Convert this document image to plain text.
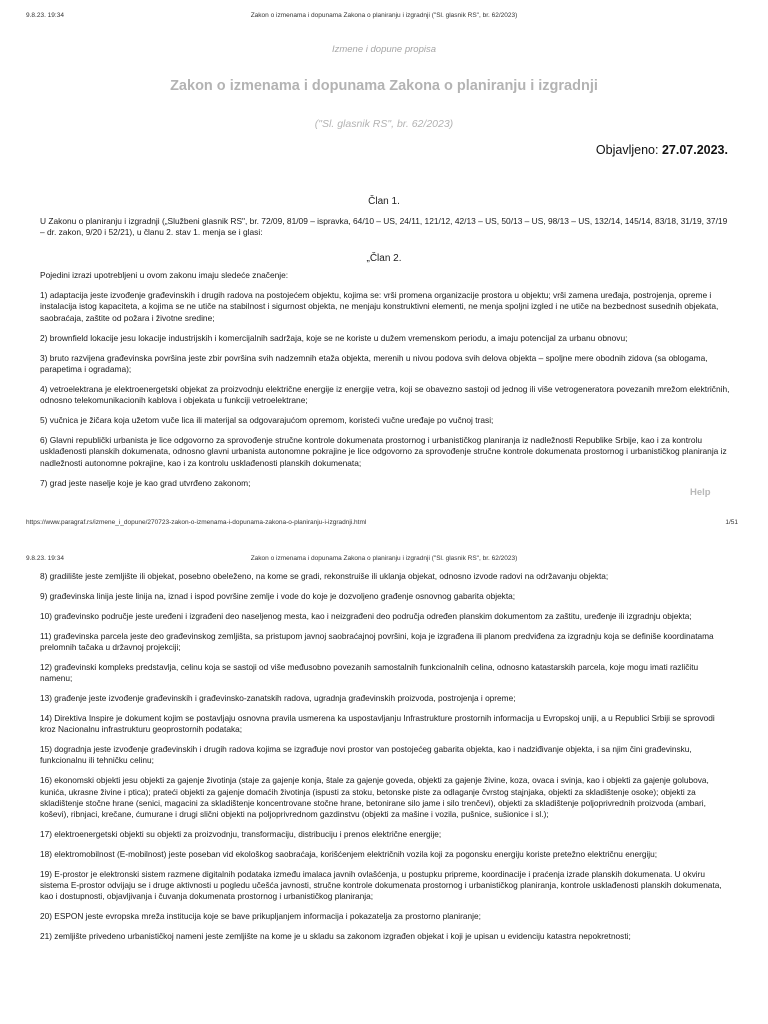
9.8.23. 19:34	Zakon o izmenama i dopunama Zakona o planiranju i izgradnji ("Sl. glasnik RS", br. 62/2023)
Izmene i dopune propisa
Zakon o izmenama i dopunama Zakona o planiranju i izgradnji
("Sl. glasnik RS", br. 62/2023)
Objavljeno: 27.07.2023.
Član 1.
U Zakonu o planiranju i izgradnji („Službeni glasnik RS", br. 72/09, 81/09 – ispravka, 64/10 – US, 24/11, 121/12, 42/13 – US, 50/13 – US, 98/13 – US, 132/14, 145/14, 83/18, 31/19, 37/19 – dr. zakon, 9/20 i 52/21), u članu 2. stav 1. menja se i glasi:
„Član 2.

Pojedini izrazi upotrebljeni u ovom zakonu imaju sledeće značenje:

1) adaptacija jeste izvođenje građevinskih i drugih radova na postojećem objektu, kojima se: vrši promena organizacije prostora u objektu; vrši zamena uređaja, postrojenja, opreme i instalacija istog kapaciteta, a kojima se ne utiče na stabilnost i sigurnost objekta, ne menjaju konstruktivni elementi, ne menja spoljni izgled i ne utiče na bezbednost susednih objekata, saobraćaja, zaštite od požara i životne sredine;

2) brownfield lokacije jesu lokacije industrijskih i komercijalnih sadržaja, koje se ne koriste u dužem vremenskom periodu, a imaju potencijal za urbanu obnovu;

3) bruto razvijena građevinska površina jeste zbir površina svih nadzemnih etaža objekta, merenih u nivou podova svih delova objekta – spoljne mere obodnih zidova (sa oblogama, parapetima i ogradama);

4) vetroelektrana je elektroenergetski objekat za proizvodnju električne energije iz energije vetra, koji se obavezno sastoji od jednog ili više vetrogeneratora povezanih mrežom električnih, odnosno telekomunikacionih kablova i objekata u funkciji vetroelektrane;

5) vučnica je žičara koja užetom vuče lica ili materijal sa odgovarajućom opremom, koristeći vučne uređaje po vučnoj trasi;

6) Glavni republički urbanista je lice odgovorno za sprovođenje stručne kontrole dokumenata prostornog i urbanističkog planiranja iz nadležnosti Republike Srbije, kao i za kontrolu usklađenosti planskih dokumenata, odnosno glavni urbanista autonomne pokrajine je lice odgovorno za sprovođenje stručne kontrole dokumenata prostornog i urbanističkog planiranja iz nadležnosti autonomne pokrajine, kao i za kontrolu usklađenosti planskih dokumenata;

7) grad jeste naselje koje je kao grad utvrđeno zakonom;

Help
https://www.paragraf.rs/izmene_i_dopune/270723-zakon-o-izmenama-i-dopunama-zakona-o-planiranju-i-izgradnji.html	1/51
9.8.23. 19:34	Zakon o izmenama i dopunama Zakona o planiranju i izgradnji ("Sl. glasnik RS", br. 62/2023)

8) gradilište jeste zemljište ili objekat, posebno obeleženo, na kome se gradi, rekonstruiše ili uklanja objekat, odnosno izvode radovi na održavanju objekta;

9) građevinska linija jeste linija na, iznad i ispod površine zemlje i vode do koje je dozvoljeno građenje osnovnog gabarita objekta;

10) građevinsko područje jeste uređeni i izgrađeni deo naseljenog mesta, kao i neizgrađeni deo područja određen planskim dokumentom za zaštitu, uređenje ili izgradnju objekta;

11) građevinska parcela jeste deo građevinskog zemljišta, sa pristupom javnoj saobraćajnoj površini, koja je izgrađena ili planom predviđena za izgradnju koja se definiše koordinatama prelomnih tačaka u državnoj projekciji;

12) građevinski kompleks predstavlja, celinu koja se sastoji od više međusobno povezanih samostalnih funkcionalnih celina, odnosno katastarskih parcela, koje mogu imati različitu namenu;

13) građenje jeste izvođenje građevinskih i građevinsko-zanatskih radova, ugradnja građevinskih proizvoda, postrojenja i opreme;

14) Direktiva Inspire je dokument kojim se postavljaju osnovna pravila usmerena ka uspostavljanju Infrastrukture prostornih informacija u Evropskoj uniji, a u Republici Srbiji se sprovodi kroz Nacionalnu infrastrukturu geoprostornih podataka;

15) dogradnja jeste izvođenje građevinskih i drugih radova kojima se izgrađuje novi prostor van postojećeg gabarita objekta, kao i nadziđivanje objekta, i sa njim čini građevinsku, funkcionalnu ili tehničku celinu;

16) ekonomski objekti jesu objekti za gajenje životinja (staje za gajenje konja, štale za gajenje goveda, objekti za gajenje živine, koza, ovaca i svinja, kao i objekti za gajenje golubova, kunića, ukrasne živine i ptica); prateći objekti za gajenje domaćih životinja (ispusti za stoku, betonske piste za odlaganje čvrstog stajnjaka, objekti za skladištenje osoke); objekti za skladištenje stočne hrane (senici, magacini za skladištenje koncentrovane stočne hrane, betonirane silo jame i silo trenčevi), objekti za skladištenje poljoprivrednih proizvoda (ambari, koševi), ribnjaci, krečane, ćumurane i drugi slični objekti na poljoprivrednom gazdinstvu (objekti za mašine i vozila, pušnice, sušionice i sl.);

17) elektroenergetski objekti su objekti za proizvodnju, transformaciju, distribuciju i prenos električne energije;

18) elektromobilnost (E-mobilnost) jeste poseban vid ekološkog saobraćaja, korišćenjem električnih vozila koji za pogonsku energiju koriste pretežno električnu energiju;

19) E-prostor je elektronski sistem razmene digitalnih podataka između imalaca javnih ovlašćenja, u postupku pripreme, koordinacije i praćenja izrade planskih dokumenata. U okviru sistema E-prostor odvijaju se i druge aktivnosti u pogledu učešća javnosti, stručne kontrole dokumenata prostornog i urbanističkog planiranja, kontrole usklađenosti planskih dokumenata, kao i dostupnosti, objavljivanja i čuvanja dokumenata prostornog i urbanističkog planiranja;

20) ESPON jeste evropska mreža institucija koje se bave prikupljanjem informacija i pokazatelja za prostorno planiranje;

21) zemljište privedeno urbanističkoj nameni jeste zemljište na kome je u skladu sa zakonom izgrađen objekat i koji je upisan u evidenciju katastra nepokretnosti;
